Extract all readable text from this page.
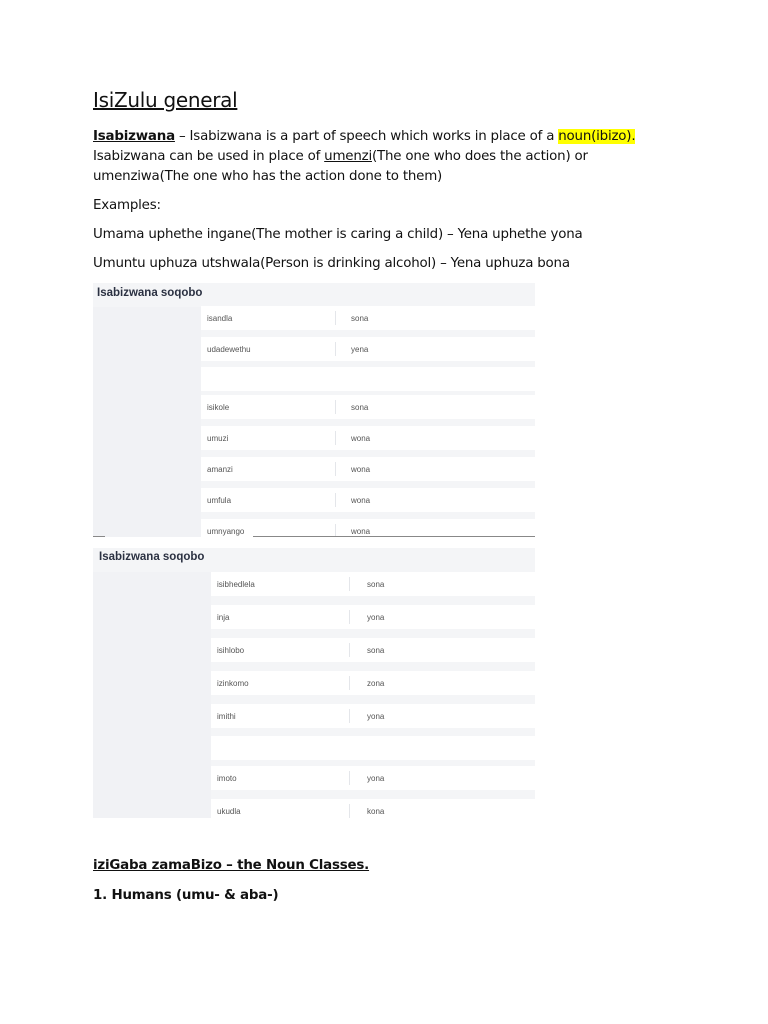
IsiZulu general
Isabizwana – Isabizwana is a part of speech which works in place of a noun(ibizo).
Isabizwana can be used in place of umenzi(The one who does the action) or umenziwa(The one who has the action done to them)
Examples:
Umama uphethe ingane(The mother is caring a child) – Yena uphethe yona
Umuntu uphuza utshwala(Person is drinking alcohol) – Yena uphuza bona
Isabizwana soqobo
isandla	sona
udadewethu	yena
isikole	sona
umuzi	wona
amanzi	wona
umfula	wona
umnyango	wona
Isabizwana soqobo
isibhedlela	sona
inja	yona
isihlobo	sona
izinkomo	zona
imithi	yona
imoto	yona
ukudla	kona
iziGaba zamaBizo – the Noun Classes.
1. Humans (umu- & aba-)
